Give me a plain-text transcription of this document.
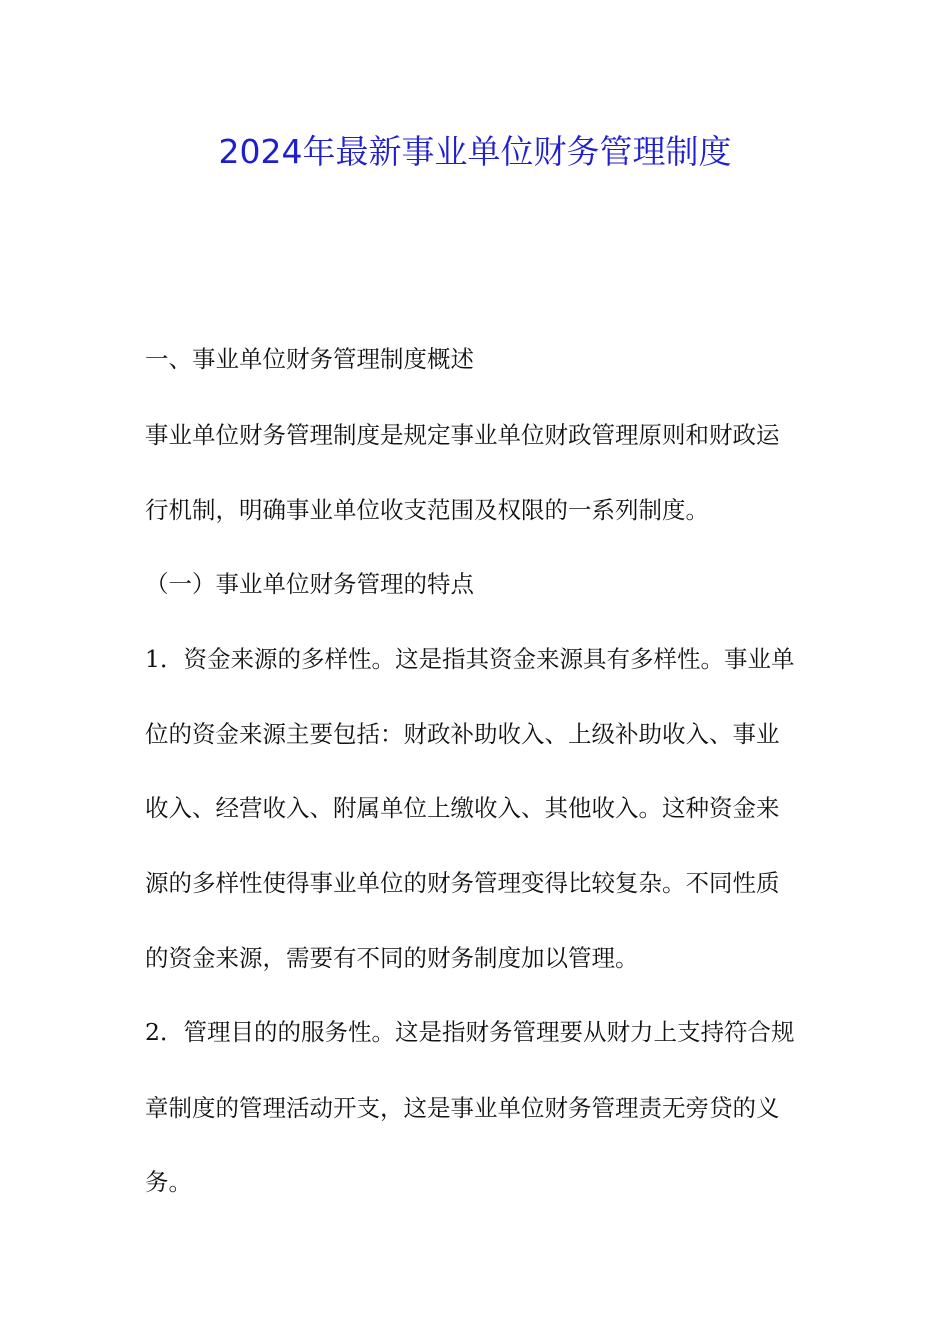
2024年最新事业单位财务管理制度
一、事业单位财务管理制度概述
事业单位财务管理制度是规定事业单位财政管理原则和财政运
行机制，明确事业单位收支范围及权限的一系列制度。
（一）事业单位财务管理的特点
1．资金来源的多样性。这是指其资金来源具有多样性。事业单
位的资金来源主要包括：财政补助收入、上级补助收入、事业
收入、经营收入、附属单位上缴收入、其他收入。这种资金来
源的多样性使得事业单位的财务管理变得比较复杂。不同性质
的资金来源，需要有不同的财务制度加以管理。
2．管理目的的服务性。这是指财务管理要从财力上支持符合规
章制度的管理活动开支，这是事业单位财务管理责无旁贷的义
务。
